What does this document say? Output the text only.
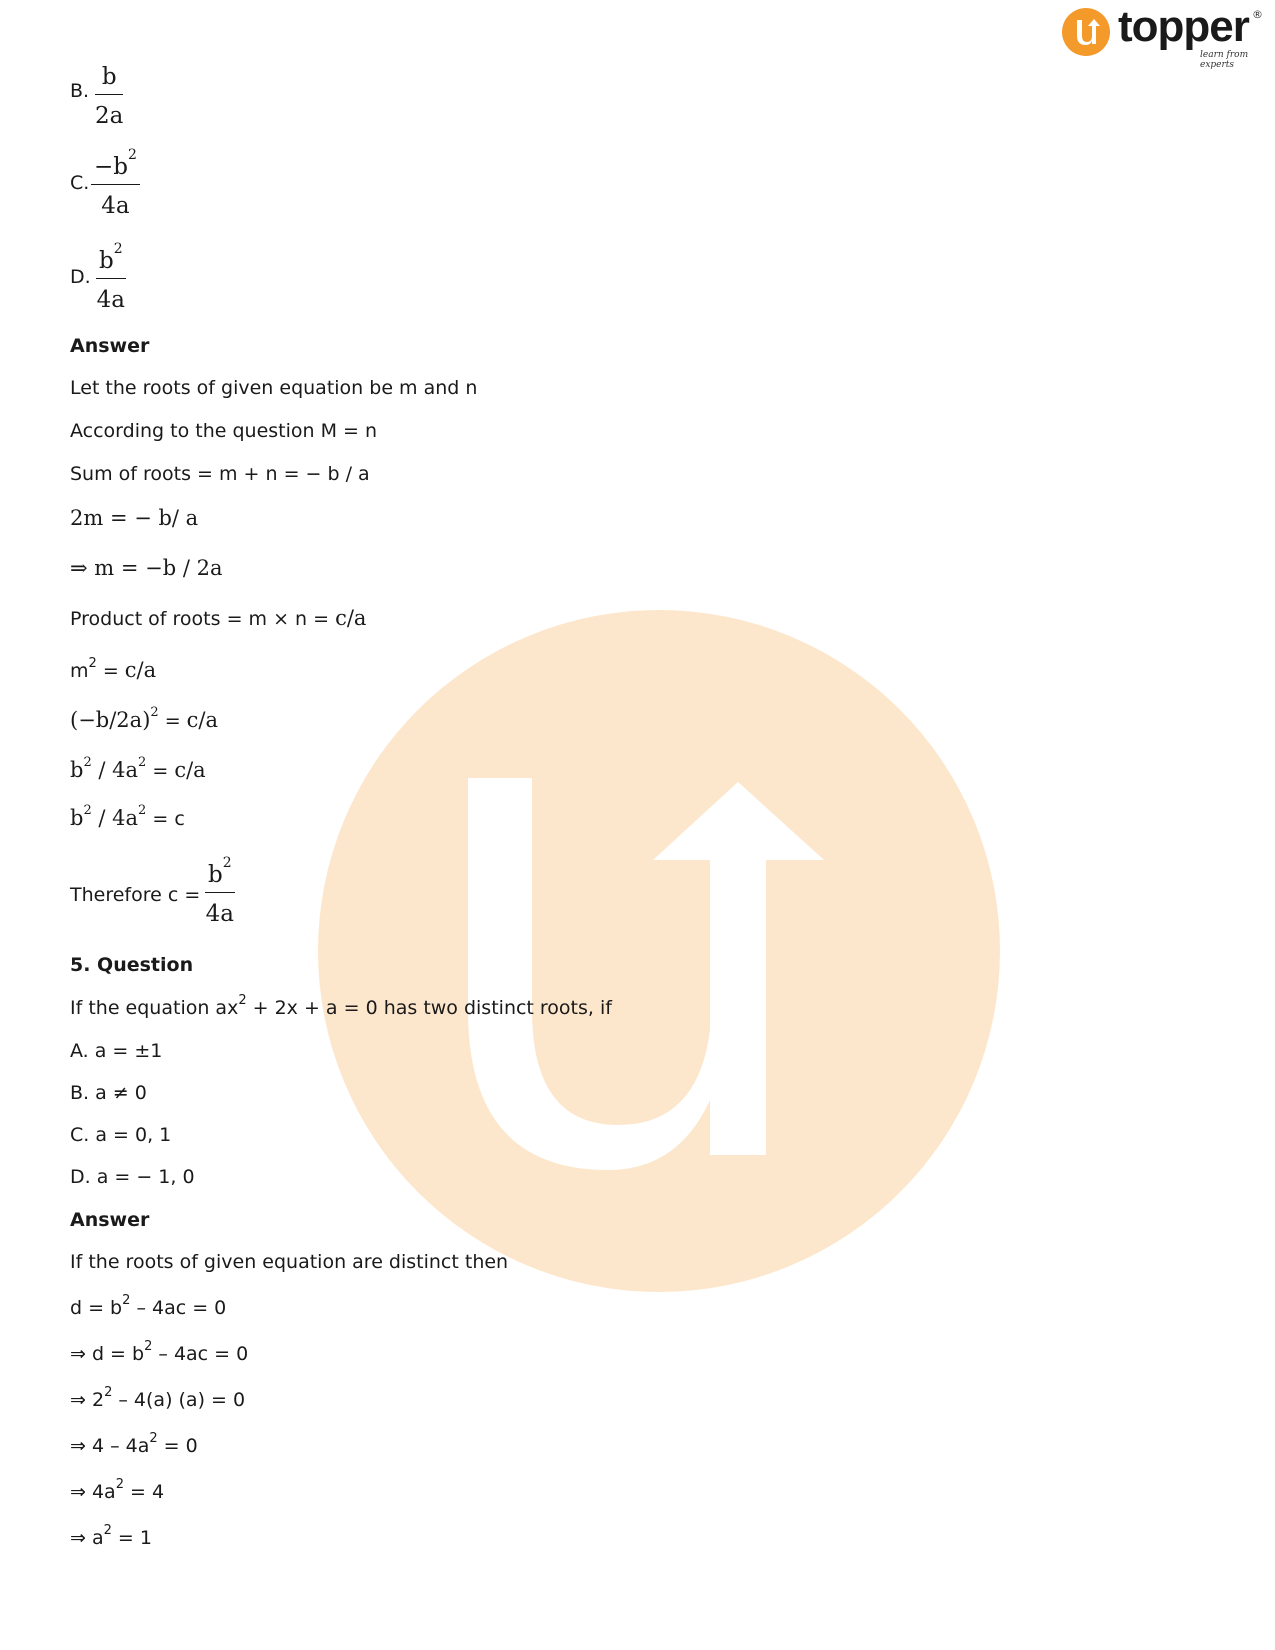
topper
learn from experts
®
B. $\frac{b}{2a}$
C. $\frac{-b^2}{4a}$
D. $\frac{b^2}{4a}$
Answer
Let the roots of given equation be m and n
According to the question M = n
Sum of roots = m + n = − b / a
2m = − b/ a
⇒ m = −b / 2a
Product of roots = m × n = c/a
$m^2 = c/a$
$(-b/2a)^2 = c/a$
$b^2 / 4a^2 = c/a$
$b^2 / 4a^2 = c$
Therefore $c = \frac{b^2}{4a}$
5. Question
If the equation $ax^2 + 2x + a = 0$ has two distinct roots, if
A. a = ±1
B. a ≠ 0
C. a = 0, 1
D. a = − 1, 0
Answer
If the roots of given equation are distinct then
$d = b^2 - 4ac = 0$
⇒ $d = b^2 - 4ac = 0$
⇒ $2^2 - 4(a) (a) = 0$
⇒ $4 - 4a^2 = 0$
⇒ $4a^2 = 4$
⇒ $a^2 = 1$
